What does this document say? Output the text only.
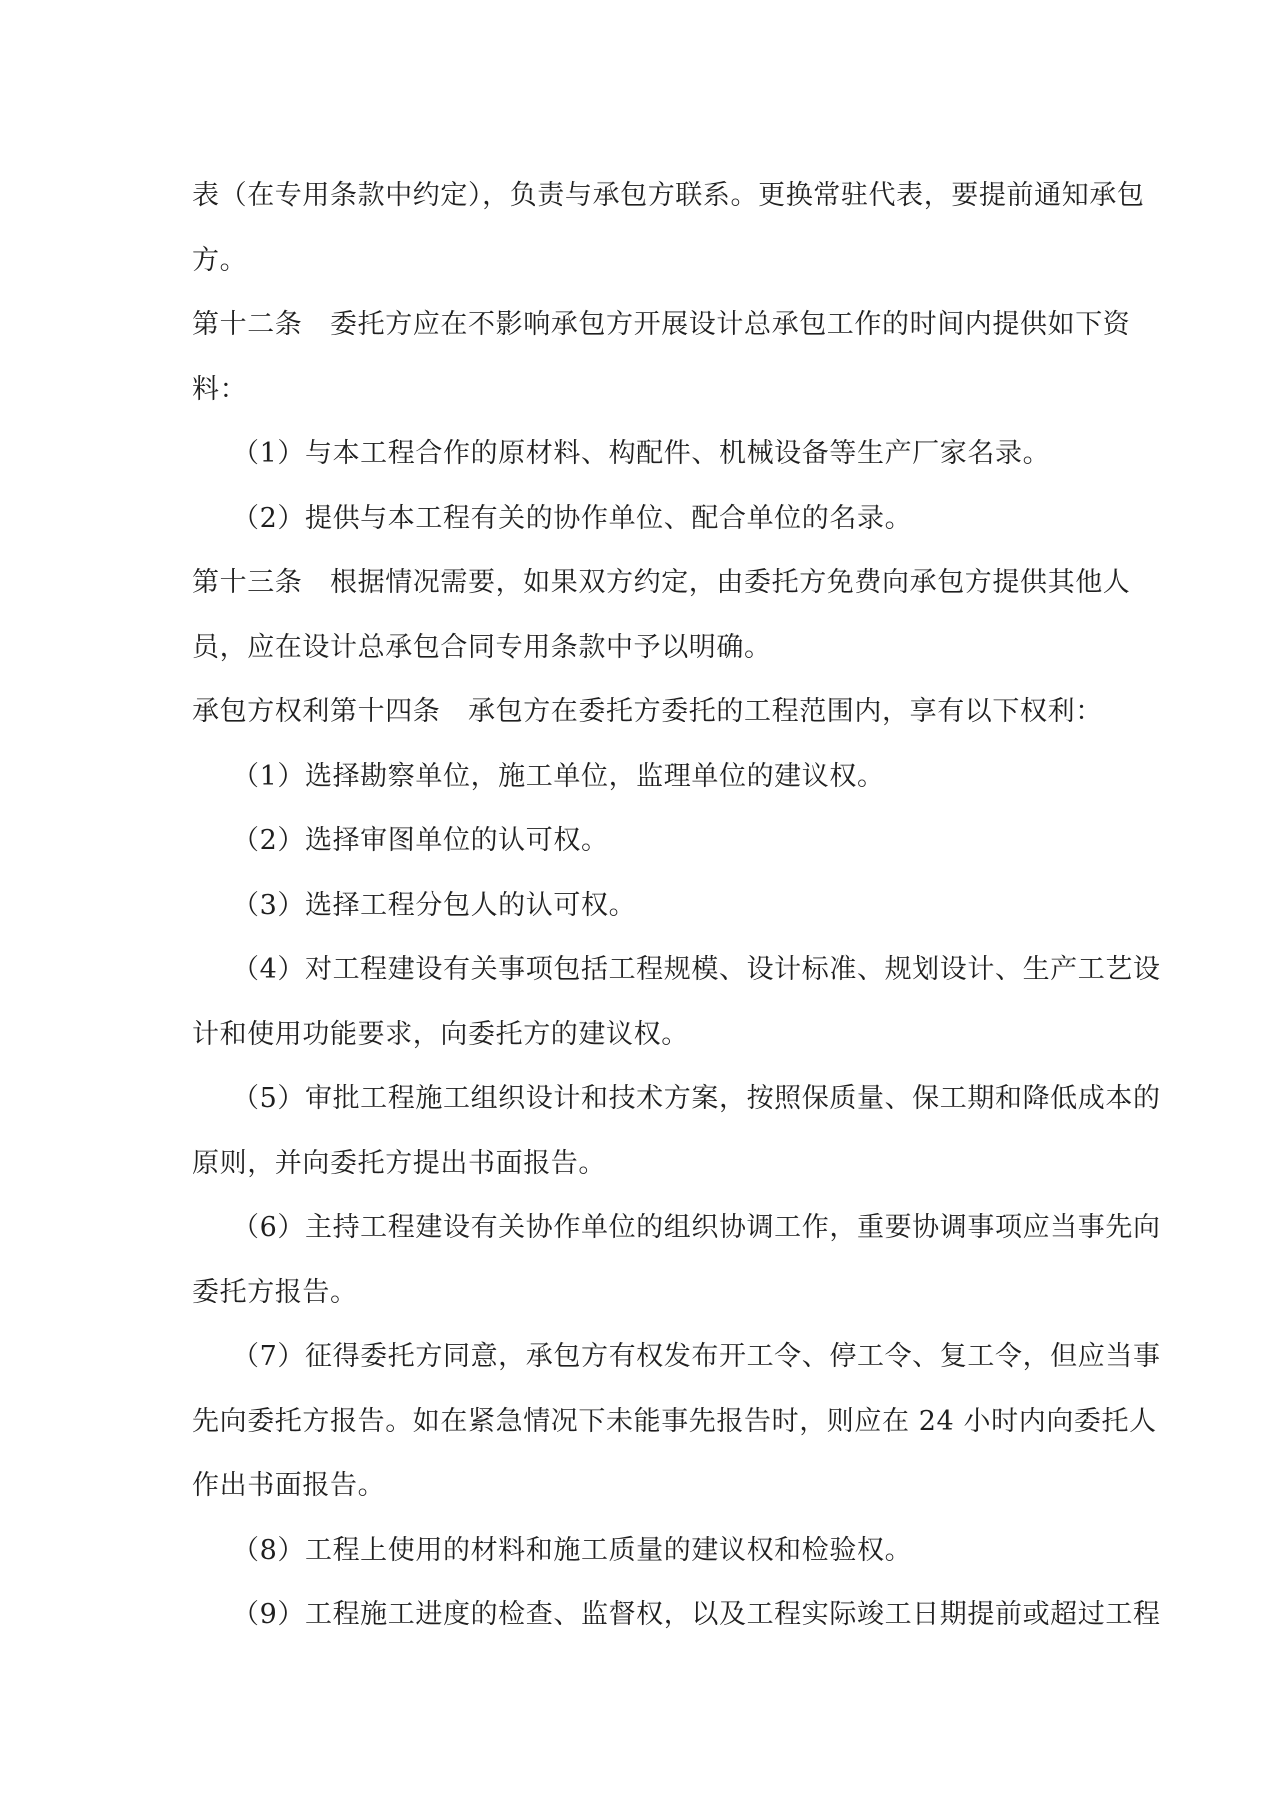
表（在专用条款中约定），负责与承包方联系。更换常驻代表，要提前通知承包
方。
第十二条　委托方应在不影响承包方开展设计总承包工作的时间内提供如下资
料：
（1）与本工程合作的原材料、构配件、机械设备等生产厂家名录。
（2）提供与本工程有关的协作单位、配合单位的名录。
第十三条　根据情况需要，如果双方约定，由委托方免费向承包方提供其他人
员，应在设计总承包合同专用条款中予以明确。
承包方权利第十四条　承包方在委托方委托的工程范围内，享有以下权利：
（1）选择勘察单位，施工单位，监理单位的建议权。
（2）选择审图单位的认可权。
（3）选择工程分包人的认可权。
（4）对工程建设有关事项包括工程规模、设计标准、规划设计、生产工艺设
计和使用功能要求，向委托方的建议权。
（5）审批工程施工组织设计和技术方案，按照保质量、保工期和降低成本的
原则，并向委托方提出书面报告。
（6）主持工程建设有关协作单位的组织协调工作，重要协调事项应当事先向
委托方报告。
（7）征得委托方同意，承包方有权发布开工令、停工令、复工令，但应当事
先向委托方报告。如在紧急情况下未能事先报告时，则应在 24 小时内向委托人
作出书面报告。
（8）工程上使用的材料和施工质量的建议权和检验权。
（9）工程施工进度的检查、监督权，以及工程实际竣工日期提前或超过工程
